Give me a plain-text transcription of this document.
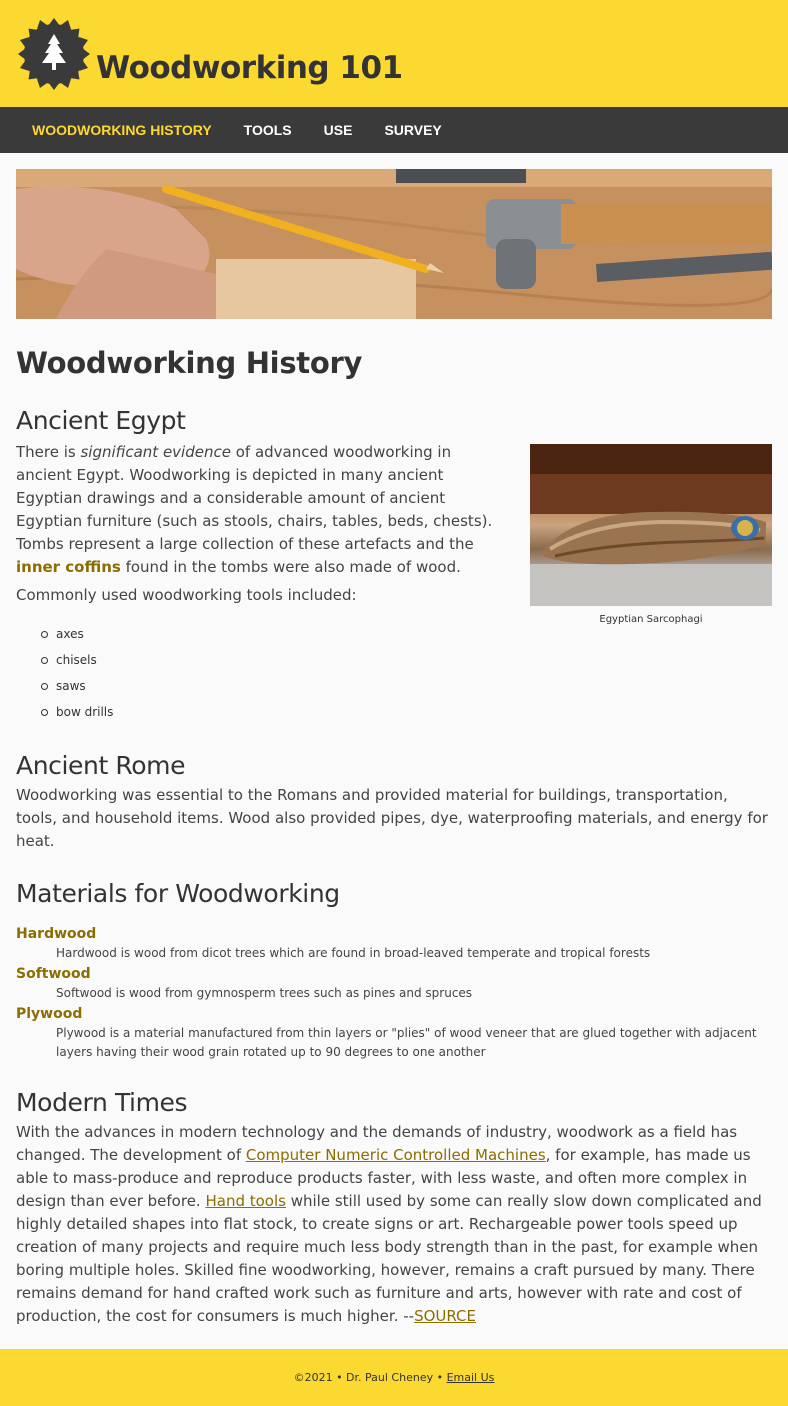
Woodworking 101
WOODWORKING HISTORY TOOLS USE SURVEY
Woodworking History
Ancient Egypt

There is significant evidence of advanced woodworking in ancient Egypt. Woodworking is depicted in many ancient Egyptian drawings and a considerable amount of ancient Egyptian furniture (such as stools, chairs, tables, beds, chests). Tombs represent a large collection of these artefacts and the inner coffins found in the tombs were also made of wood.

Commonly used woodworking tools included:

axes
chisels
saws
bow drills
Egyptian Sarcophagi
Ancient Rome

Woodworking was essential to the Romans and provided material for buildings, transportation, tools, and household items. Wood also provided pipes, dye, waterproofing materials, and energy for heat.

Materials for Woodworking
Hardwood
Hardwood is wood from dicot trees which are found in broad-leaved temperate and tropical forests
Softwood
Softwood is wood from gymnosperm trees such as pines and spruces
Plywood
Plywood is a material manufactured from thin layers or "plies" of wood veneer that are glued together with adjacent layers having their wood grain rotated up to 90 degrees to one another
Modern Times

With the advances in modern technology and the demands of industry, woodwork as a field has changed. The development of Computer Numeric Controlled Machines, for example, has made us able to mass-produce and reproduce products faster, with less waste, and often more complex in design than ever before. Hand tools while still used by some can really slow down complicated and highly detailed shapes into flat stock, to create signs or art. Rechargeable power tools speed up creation of many projects and require much less body strength than in the past, for example when boring multiple holes. Skilled fine woodworking, however, remains a craft pursued by many. There remains demand for hand crafted work such as furniture and arts, however with rate and cost of production, the cost for consumers is much higher. --SOURCE

©2021 • Dr. Paul Cheney •
Email Us
